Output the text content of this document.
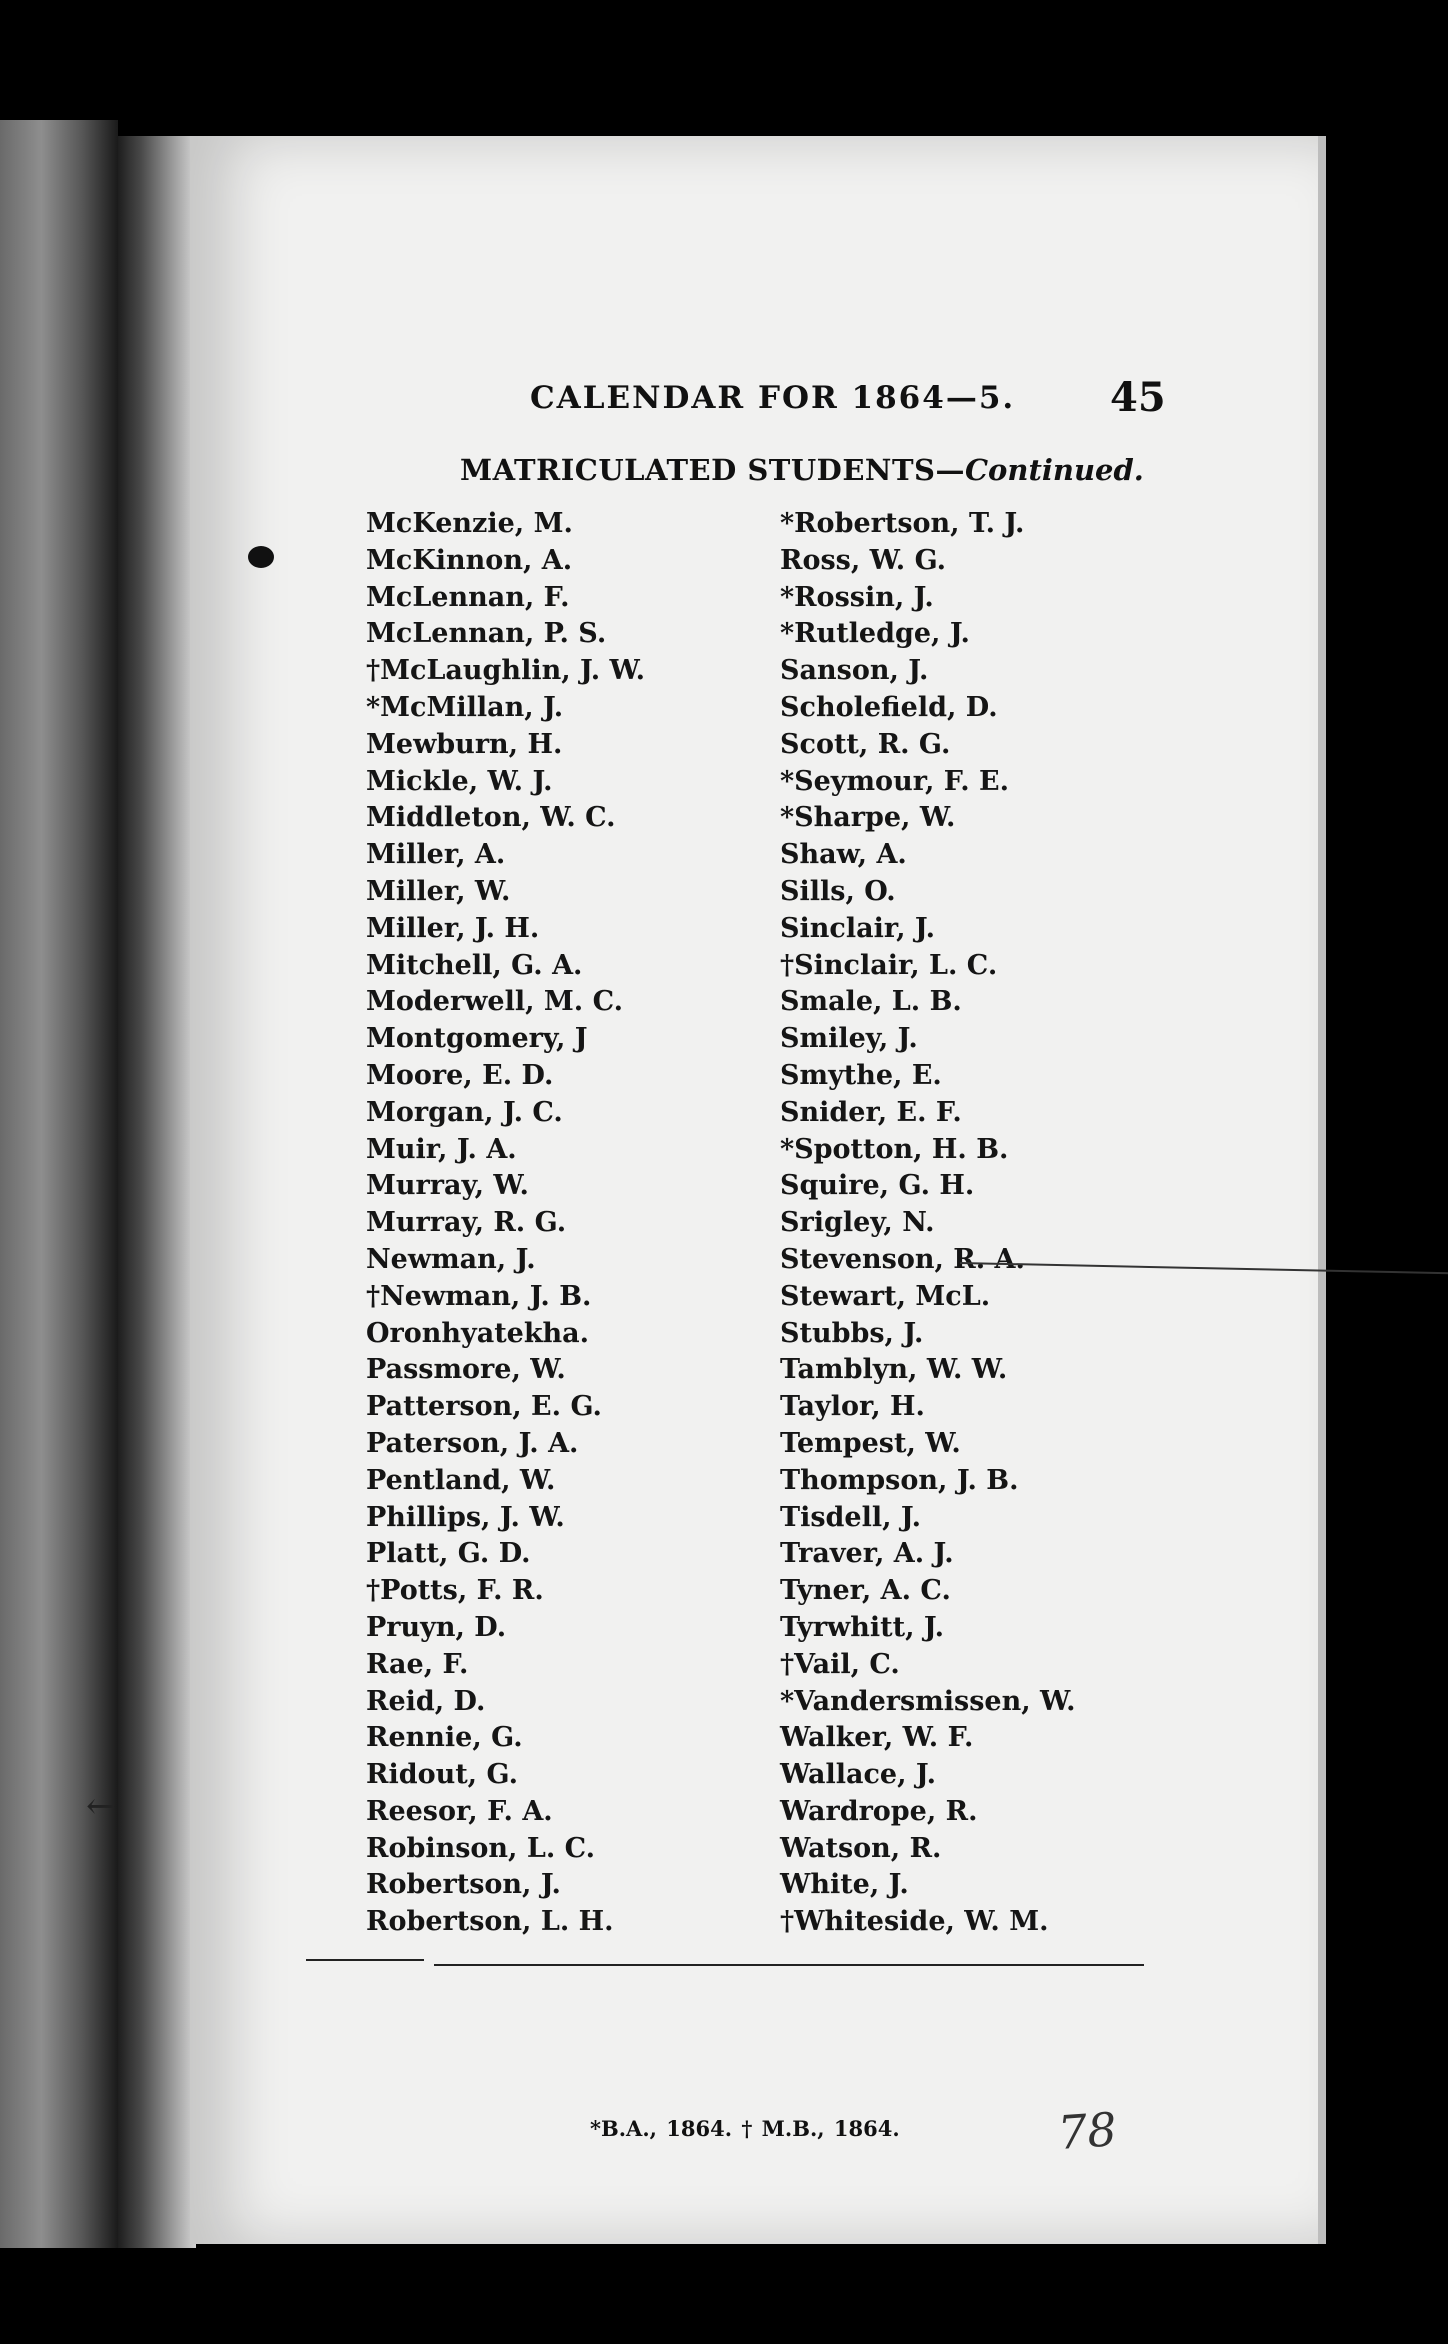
CALENDAR FOR 1864—5. 45
MATRICULATED STUDENTS—Continued.
McKenzie, M.
McKinnon, A.
McLennan, F.
McLennan, P. S.
†McLaughlin, J. W.
*McMillan, J.
Mewburn, H.
Mickle, W. J.
Middleton, W. C.
Miller, A.
Miller, W.
Miller, J. H.
Mitchell, G. A.
Moderwell, M. C.
Montgomery, J
Moore, E. D.
Morgan, J. C.
Muir, J. A.
Murray, W.
Murray, R. G.
Newman, J.
†Newman, J. B.
Oronhyatekha.
Passmore, W.
Patterson, E. G.
Paterson, J. A.
Pentland, W.
Phillips, J. W.
Platt, G. D.
†Potts, F. R.
Pruyn, D.
Rae, F.
Reid, D.
Rennie, G.
Ridout, G.
Reesor, F. A.
Robinson, L. C.
Robertson, J.
Robertson, L. H.
*Robertson, T. J.
Ross, W. G.
*Rossin, J.
*Rutledge, J.
Sanson, J.
Scholefield, D.
Scott, R. G.
*Seymour, F. E.
*Sharpe, W.
Shaw, A.
Sills, O.
Sinclair, J.
†Sinclair, L. C.
Smale, L. B.
Smiley, J.
Smythe, E.
Snider, E. F.
*Spotton, H. B.
Squire, G. H.
Srigley, N.
Stevenson, R. A.
Stewart, McL.
Stubbs, J.
Tamblyn, W. W.
Taylor, H.
Tempest, W.
Thompson, J. B.
Tisdell, J.
Traver, A. J.
Tyner, A. C.
Tyrwhitt, J.
†Vail, C.
*Vandersmissen, W.
Walker, W. F.
Wallace, J.
Wardrope, R.
Watson, R.
White, J.
†Whiteside, W. M.
*B.A., 1864. † M.B., 1864.	78
←
